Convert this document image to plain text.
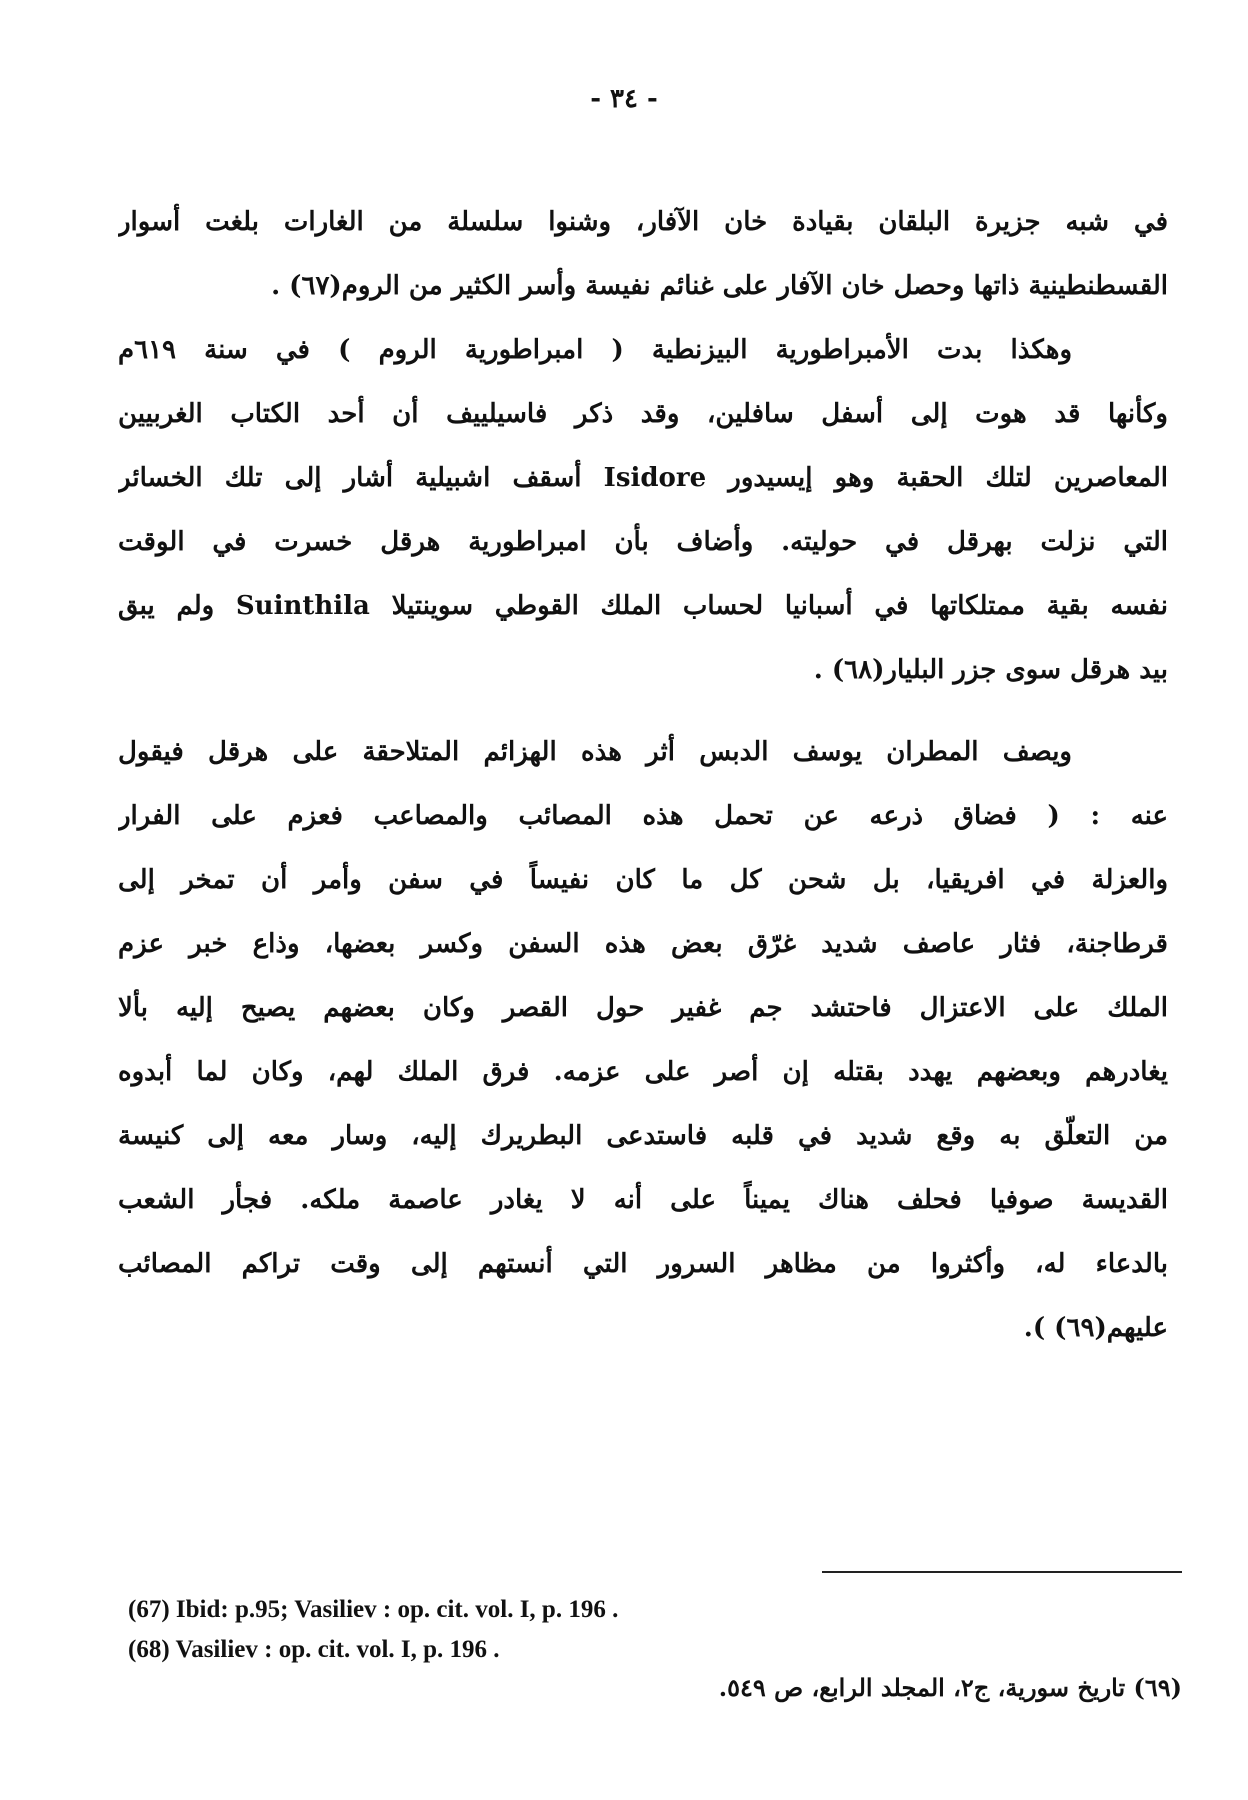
- ٣٤ -
في شبه جزيرة البلقان بقيادة خان الآفار، وشنوا سلسلة من الغارات بلغت أسوار
القسطنطينية ذاتها وحصل خان الآفار على غنائم نفيسة وأسر الكثير من الروم(٦٧) .
وهكذا بدت الأمبراطورية البيزنطية ( امبراطورية الروم ) في سنة ٦١٩م
وكأنها قد هوت إلى أسفل سافلين، وقد ذكر فاسيلييف أن أحد الكتاب الغربيين
المعاصرين لتلك الحقبة وهو إيسيدور Isidore أسقف اشبيلية أشار إلى تلك الخسائر
التي نزلت بهرقل في حوليته. وأضاف بأن امبراطورية هرقل خسرت في الوقت
نفسه بقية ممتلكاتها في أسبانيا لحساب الملك القوطي سوينتيلا Suinthila ولم يبق
بيد هرقل سوى جزر البليار(٦٨) .
ويصف المطران يوسف الدبس أثر هذه الهزائم المتلاحقة على هرقل فيقول
عنه : ( فضاق ذرعه عن تحمل هذه المصائب والمصاعب فعزم على الفرار
والعزلة في افريقيا، بل شحن كل ما كان نفيساً في سفن وأمر أن تمخر إلى
قرطاجنة، فثار عاصف شديد غرّق بعض هذه السفن وكسر بعضها، وذاع خبر عزم
الملك على الاعتزال فاحتشد جم غفير حول القصر وكان بعضهم يصيح إليه بألا
يغادرهم وبعضهم يهدد بقتله إن أصر على عزمه. فرق الملك لهم، وكان لما أبدوه
من التعلّق به وقع شديد في قلبه فاستدعى البطريرك إليه، وسار معه إلى كنيسة
القديسة صوفيا فحلف هناك يميناً على أنه لا يغادر عاصمة ملكه. فجأر الشعب
بالدعاء له، وأكثروا من مظاهر السرور التي أنستهم إلى وقت تراكم المصائب
عليهم(٦٩) ).
(67) Ibid: p.95; Vasiliev : op. cit. vol. I, p. 196 .
(68) Vasiliev : op. cit. vol. I, p. 196 .
(٦٩) تاريخ سورية، ج٢، المجلد الرابع، ص ٥٤٩.
